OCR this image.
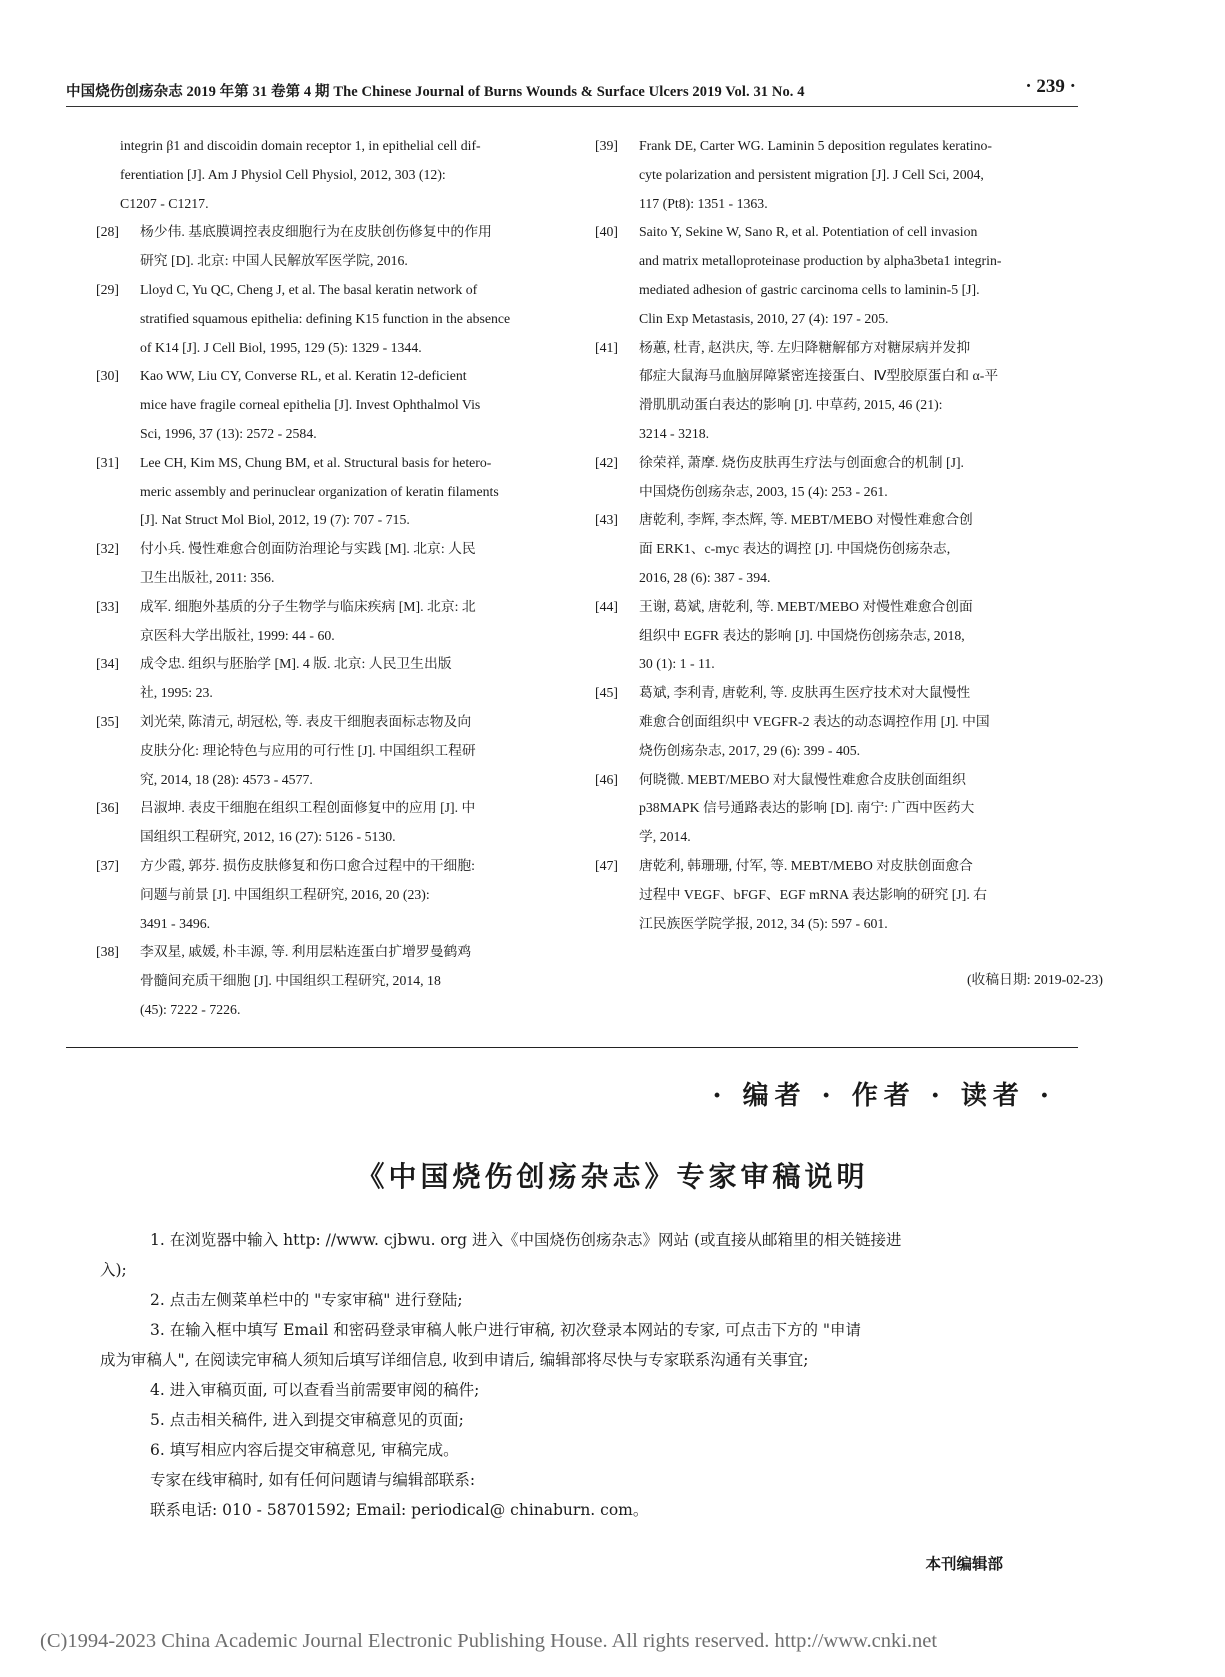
中国烧伤创疡杂志 2019 年第 31 卷第 4 期 The Chinese Journal of Burns Wounds & Surface Ulcers 2019 Vol. 31 No. 4	· 239 ·
integrin β1 and discoidin domain receptor 1, in epithelial cell dif-
ferentiation [J]. Am J Physiol Cell Physiol, 2012, 303 (12):
C1207 - C1217.
[28] 杨少伟. 基底膜调控表皮细胞行为在皮肤创伤修复中的作用
研究 [D]. 北京: 中国人民解放军医学院, 2016.
[29] Lloyd C, Yu QC, Cheng J, et al. The basal keratin network of
stratified squamous epithelia: defining K15 function in the absence
of K14 [J]. J Cell Biol, 1995, 129 (5): 1329 - 1344.
[30] Kao WW, Liu CY, Converse RL, et al. Keratin 12-deficient
mice have fragile corneal epithelia [J]. Invest Ophthalmol Vis
Sci, 1996, 37 (13): 2572 - 2584.
[31] Lee CH, Kim MS, Chung BM, et al. Structural basis for hetero-
meric assembly and perinuclear organization of keratin filaments
[J]. Nat Struct Mol Biol, 2012, 19 (7): 707 - 715.
[32] 付小兵. 慢性难愈合创面防治理论与实践 [M]. 北京: 人民
卫生出版社, 2011: 356.
[33] 成军. 细胞外基质的分子生物学与临床疾病 [M]. 北京: 北
京医科大学出版社, 1999: 44 - 60.
[34] 成令忠. 组织与胚胎学 [M]. 4 版. 北京: 人民卫生出版
社, 1995: 23.
[35] 刘光荣, 陈清元, 胡冠松, 等. 表皮干细胞表面标志物及向
皮肤分化: 理论特色与应用的可行性 [J]. 中国组织工程研
究, 2014, 18 (28): 4573 - 4577.
[36] 吕淑坤. 表皮干细胞在组织工程创面修复中的应用 [J]. 中
国组织工程研究, 2012, 16 (27): 5126 - 5130.
[37] 方少霞, 郭芬. 损伤皮肤修复和伤口愈合过程中的干细胞:
问题与前景 [J]. 中国组织工程研究, 2016, 20 (23):
3491 - 3496.
[38] 李双星, 戚媛, 朴丰源, 等. 利用层粘连蛋白扩增罗曼鹤鸡
骨髓间充质干细胞 [J]. 中国组织工程研究, 2014, 18
(45): 7222 - 7226.
[39] Frank DE, Carter WG. Laminin 5 deposition regulates keratino-
cyte polarization and persistent migration [J]. J Cell Sci, 2004,
117 (Pt8): 1351 - 1363.
[40] Saito Y, Sekine W, Sano R, et al. Potentiation of cell invasion
and matrix metalloproteinase production by alpha3beta1 integrin-
mediated adhesion of gastric carcinoma cells to laminin-5 [J].
Clin Exp Metastasis, 2010, 27 (4): 197 - 205.
[41] 杨蕙, 杜青, 赵洪庆, 等. 左归降糖解郁方对糖尿病并发抑
郁症大鼠海马血脑屏障紧密连接蛋白、Ⅳ型胶原蛋白和 α-平
滑肌肌动蛋白表达的影响 [J]. 中草药, 2015, 46 (21):
3214 - 3218.
[42] 徐荣祥, 萧摩. 烧伤皮肤再生疗法与创面愈合的机制 [J].
中国烧伤创疡杂志, 2003, 15 (4): 253 - 261.
[43] 唐乾利, 李辉, 李杰辉, 等. MEBT/MEBO 对慢性难愈合创
面 ERK1、c-myc 表达的调控 [J]. 中国烧伤创疡杂志,
2016, 28 (6): 387 - 394.
[44] 王谢, 葛斌, 唐乾利, 等. MEBT/MEBO 对慢性难愈合创面
组织中 EGFR 表达的影响 [J]. 中国烧伤创疡杂志, 2018,
30 (1): 1 - 11.
[45] 葛斌, 李利青, 唐乾利, 等. 皮肤再生医疗技术对大鼠慢性
难愈合创面组织中 VEGFR-2 表达的动态调控作用 [J]. 中国
烧伤创疡杂志, 2017, 29 (6): 399 - 405.
[46] 何晓微. MEBT/MEBO 对大鼠慢性难愈合皮肤创面组织
p38MAPK 信号通路表达的影响 [D]. 南宁: 广西中医药大
学, 2014.
[47] 唐乾利, 韩珊珊, 付军, 等. MEBT/MEBO 对皮肤创面愈合
过程中 VEGF、bFGF、EGF mRNA 表达影响的研究 [J]. 右
江民族医学院学报, 2012, 34 (5): 597 - 601.
(收稿日期: 2019-02-23)
· 编者 · 作者 · 读者 ·
《中国烧伤创疡杂志》专家审稿说明
1. 在浏览器中输入 http: //www. cjbwu. org 进入《中国烧伤创疡杂志》网站 (或直接从邮箱里的相关链接进
入);
2. 点击左侧菜单栏中的 "专家审稿" 进行登陆;
3. 在输入框中填写 Email 和密码登录审稿人帐户进行审稿, 初次登录本网站的专家, 可点击下方的 "申请
成为审稿人", 在阅读完审稿人须知后填写详细信息, 收到申请后, 编辑部将尽快与专家联系沟通有关事宜;
4. 进入审稿页面, 可以查看当前需要审阅的稿件;
5. 点击相关稿件, 进入到提交审稿意见的页面;
6. 填写相应内容后提交审稿意见, 审稿完成。
专家在线审稿时, 如有任何问题请与编辑部联系:
联系电话: 010 - 58701592; Email: periodical@ chinaburn. com。
本刊编辑部
(C)1994-2023 China Academic Journal Electronic Publishing House. All rights reserved. http://www.cnki.net
